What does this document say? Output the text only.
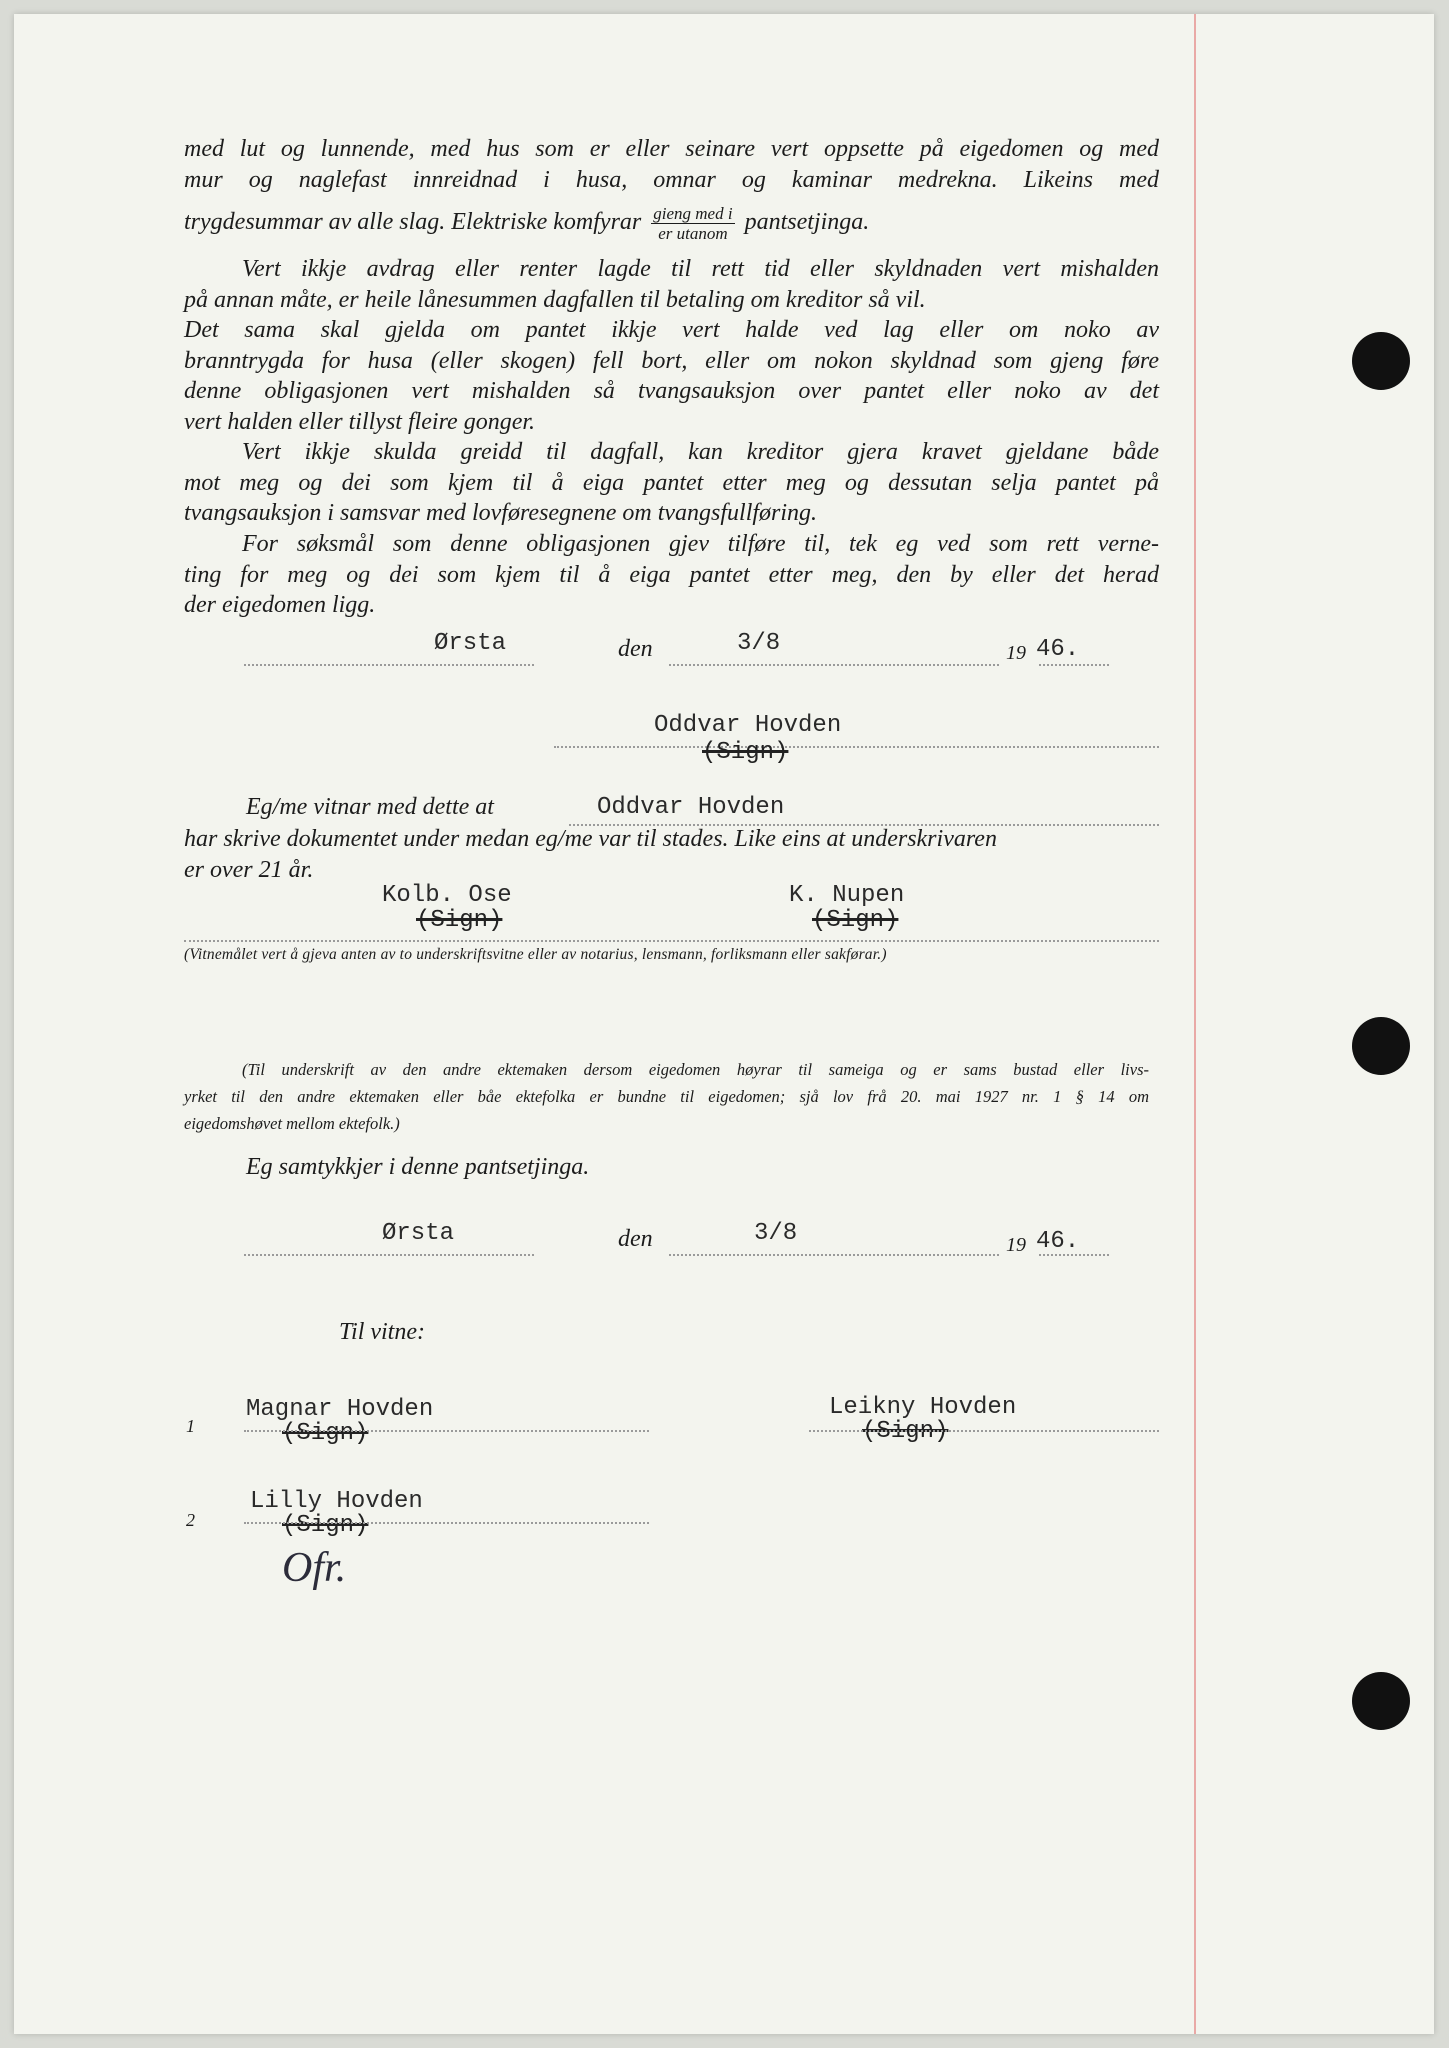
med lut og lunnende, med hus som er eller seinare vert oppsette på eigedomen og med
mur og naglefast innreidnad i husa, omnar og kaminar medrekna. Likeins med
trygdesummar av alle slag. Elektriske komfyrar $\frac{\text{gieng med i}}{\text{er utanom}}$ pantsetjinga.
Vert ikkje avdrag eller renter lagde til rett tid eller skyldnaden vert mishalden
på annan måte, er heile lånesummen dagfallen til betaling om kreditor så vil.
Det sama skal gjelda om pantet ikkje vert halde ved lag eller om noko av
branntrygda for husa (eller skogen) fell bort, eller om nokon skyldnad som gjeng føre
denne obligasjonen vert mishalden så tvangsauksjon over pantet eller noko av det
vert halden eller tillyst fleire gonger.
Vert ikkje skulda greidd til dagfall, kan kreditor gjera kravet gjeldane både
mot meg og dei som kjem til å eiga pantet etter meg og dessutan selja pantet på
tvangsauksjon i samsvar med lovføresegnene om tvangsfullføring.
For søksmål som denne obligasjonen gjev tilføre til, tek eg ved som rett verne-
ting for meg og dei som kjem til å eiga pantet etter meg, den by eller det herad
der eigedomen ligg.
Ørsta	den	3/8	19 46.
Oddvar Hovden
(Sign)
Eg/me vitnar med dette at	Oddvar Hovden
har skrive dokumentet under medan eg/me var til stades. Like eins at underskrivaren
er over 21 år.
Kolb. Ose
(Sign)
K. Nupen
(Sign)
(Vitnemålet vert å gjeva anten av to underskriftsvitne eller av notarius, lensmann, forliksmann eller sakførar.)
(Til underskrift av den andre ektemaken dersom eigedomen høyrar til sameiga og er sams bustad eller livs-
yrket til den andre ektemaken eller båe ektefolka er bundne til eigedomen; sjå lov frå 20. mai 1927 nr. 1 § 14 om
eigedomshøvet mellom ektefolk.)
Eg samtykkjer i denne pantsetjinga.
Ørsta	den	3/8	19 46.
Til vitne:
1
Magnar Hovden
(Sign)
Leikny Hovden
(Sign)
2
Lilly Hovden
(Sign)
Ofr.
